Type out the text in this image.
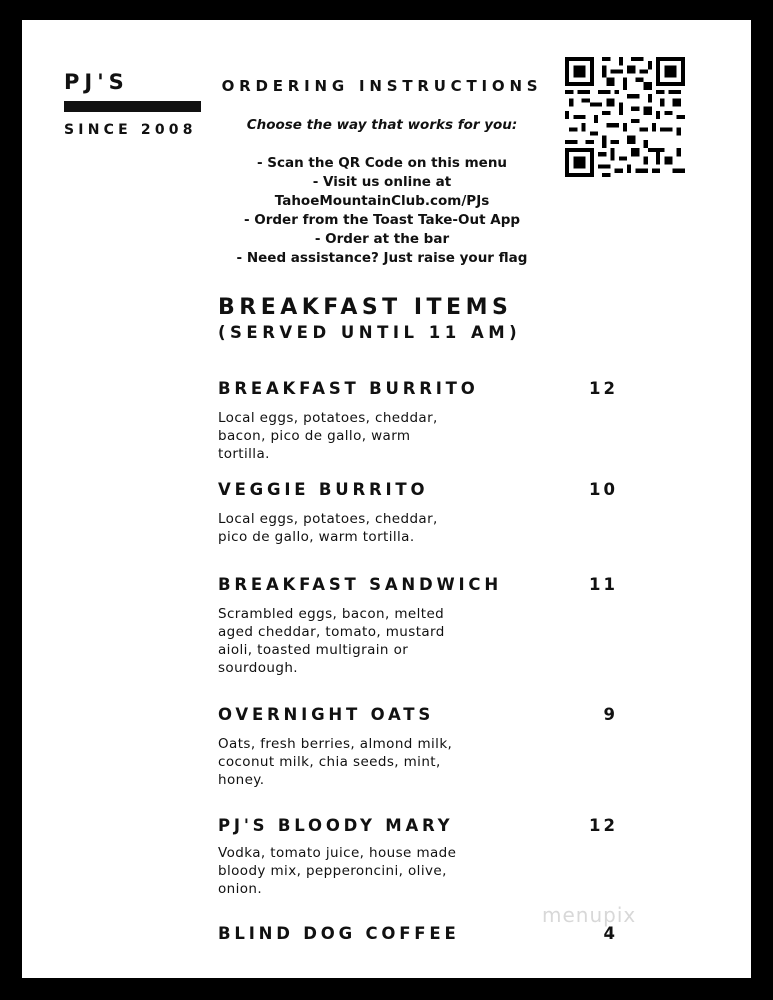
PJ'S
SINCE 2008
ORDERING INSTRUCTIONS
Choose the way that works for you:
- Scan the QR Code on this menu
- Visit us online at
TahoeMountainClub.com/PJs
- Order from the Toast Take-Out App
- Order at the bar
- Need assistance? Just raise your flag
BREAKFAST ITEMS
(SERVED UNTIL 11 AM)
BREAKFAST BURRITO	12
Local eggs, potatoes, cheddar, bacon, pico de gallo, warm tortilla.
VEGGIE BURRITO	10
Local eggs, potatoes, cheddar, pico de gallo, warm tortilla.
BREAKFAST SANDWICH	11
Scrambled eggs, bacon, melted aged cheddar, tomato, mustard aioli, toasted multigrain or sourdough.
OVERNIGHT OATS	9
Oats, fresh berries, almond milk, coconut milk, chia seeds, mint, honey.
PJ'S BLOODY MARY	12
Vodka, tomato juice, house made bloody mix, pepperoncini, olive, onion.
BLIND DOG COFFEE	4
menupix
